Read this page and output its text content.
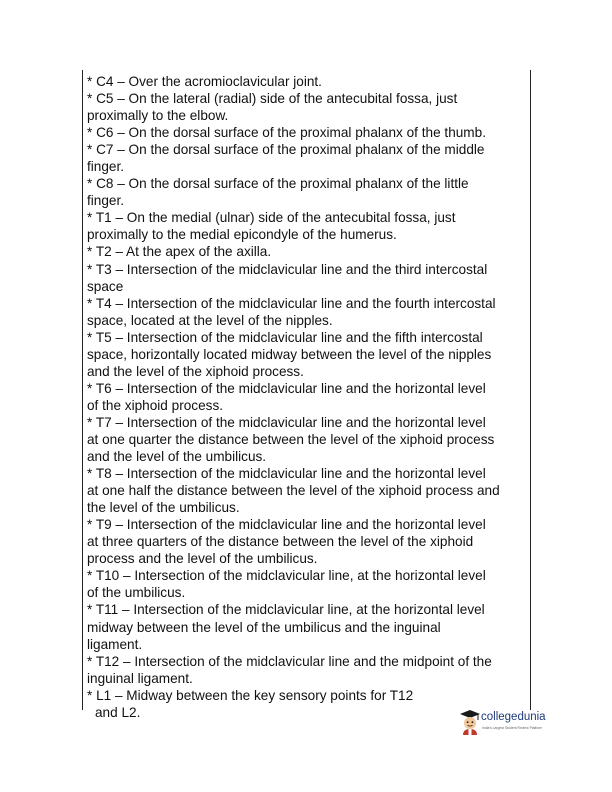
* C4 – Over the acromioclavicular joint.
* C5 – On the lateral (radial) side of the antecubital fossa, just
proximally to the elbow.
* C6 – On the dorsal surface of the proximal phalanx of the thumb.
* C7 – On the dorsal surface of the proximal phalanx of the middle
finger.
* C8 – On the dorsal surface of the proximal phalanx of the little
finger.
* T1 – On the medial (ulnar) side of the antecubital fossa, just
proximally to the medial epicondyle of the humerus.
* T2 – At the apex of the axilla.
* T3 – Intersection of the midclavicular line and the third intercostal
space
* T4 – Intersection of the midclavicular line and the fourth intercostal
space, located at the level of the nipples.
* T5 – Intersection of the midclavicular line and the fifth intercostal
space, horizontally located midway between the level of the nipples
and the level of the xiphoid process.
* T6 – Intersection of the midclavicular line and the horizontal level
of the xiphoid process.
* T7 – Intersection of the midclavicular line and the horizontal level
at one quarter the distance between the level of the xiphoid process
and the level of the umbilicus.
* T8 – Intersection of the midclavicular line and the horizontal level
at one half the distance between the level of the xiphoid process and
the level of the umbilicus.
* T9 – Intersection of the midclavicular line and the horizontal level
at three quarters of the distance between the level of the xiphoid
process and the level of the umbilicus.
* T10 – Intersection of the midclavicular line, at the horizontal level
of the umbilicus.
* T11 – Intersection of the midclavicular line, at the horizontal level
midway between the level of the umbilicus and the inguinal
ligament.
* T12 – Intersection of the midclavicular line and the midpoint of the
inguinal ligament.
* L1 – Midway between the key sensory points for T12
and L2.	collegedunia
India's Largest Student Review Platform
